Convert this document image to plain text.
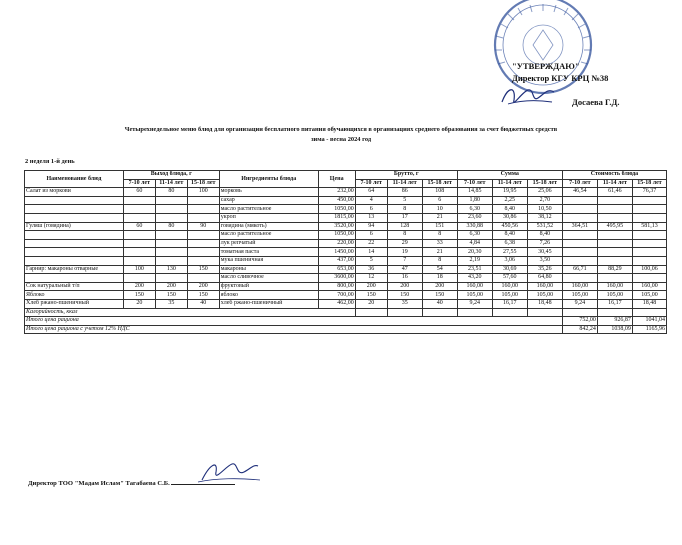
"УТВЕРЖДАЮ"
Директор КГУ КРЦ №38
Досаева Г.Д.
Четырехнедельное меню блюд для организации бесплатного питания обучающихся в организациях среднего образования за счет бюджетных средств
зима - весна 2024 год
2 неделя 1-й день
Наименование блюд	Выход блюда, г			Ингредиенты блюда	Цена	Брутто, г			Сумма			Стоимость блюда		
	7-10 лет	11-14 лет	15-18 лет			7-10 лет	11-14 лет	15-18 лет	7-10 лет	11-14 лет	15-18 лет	7-10 лет	11-14 лет	15-18 лет
Салат из моркови	60	80	100	морковь	232,00	64	86	108	14,85	19,95	25,06	46,54	61,46	76,37
				сахар	450,00	4	5	6	1,80	2,25	2,70			
				масло растительное	1050,00	6	8	10	6,30	8,40	10,50			
				укроп	1815,00	13	17	21	23,60	30,86	38,12			
Гуляш (говядина)	60	80	90	говядина (мякоть)	3520,00	94	128	151	330,88	450,56	531,52	364,51	495,95	581,13
				масло растительное	1050,00	6	8	8	6,30	8,40	8,40			
				лук репчатый	220,00	22	29	33	4,84	6,38	7,26			
				томатная паста	1450,00	14	19	21	20,30	27,55	30,45			
				мука пшеничная	437,00	5	7	8	2,19	3,06	3,50			
Гарнир: макароны отварные	100	130	150	макароны	653,00	36	47	54	23,51	30,69	35,26	66,71	88,29	100,06
				масло сливочное	3600,00	12	16	18	43,20	57,60	64,80			
Сок натуральный т/п	200	200	200	фруктовый	800,00	200	200	200	160,00	160,00	160,00	160,00	160,00	160,00
Яблоко	150	150	150	яблоко	700,00	150	150	150	105,00	105,00	105,00	105,00	105,00	105,00
Хлеб ржано-пшеничный	20	35	40	хлеб ржано-пшеничный	462,00	20	35	40	9,24	16,17	18,48	9,24	16,17	18,48
Калорийность, ккал														
Итого цена рациона												752,00	926,87	1041,04
Итого цена рациона с учетом 12% НДС												842,24	1038,09	1165,96
Директор ТОО "Мадам Ислам" Тагабаева С.Б.
